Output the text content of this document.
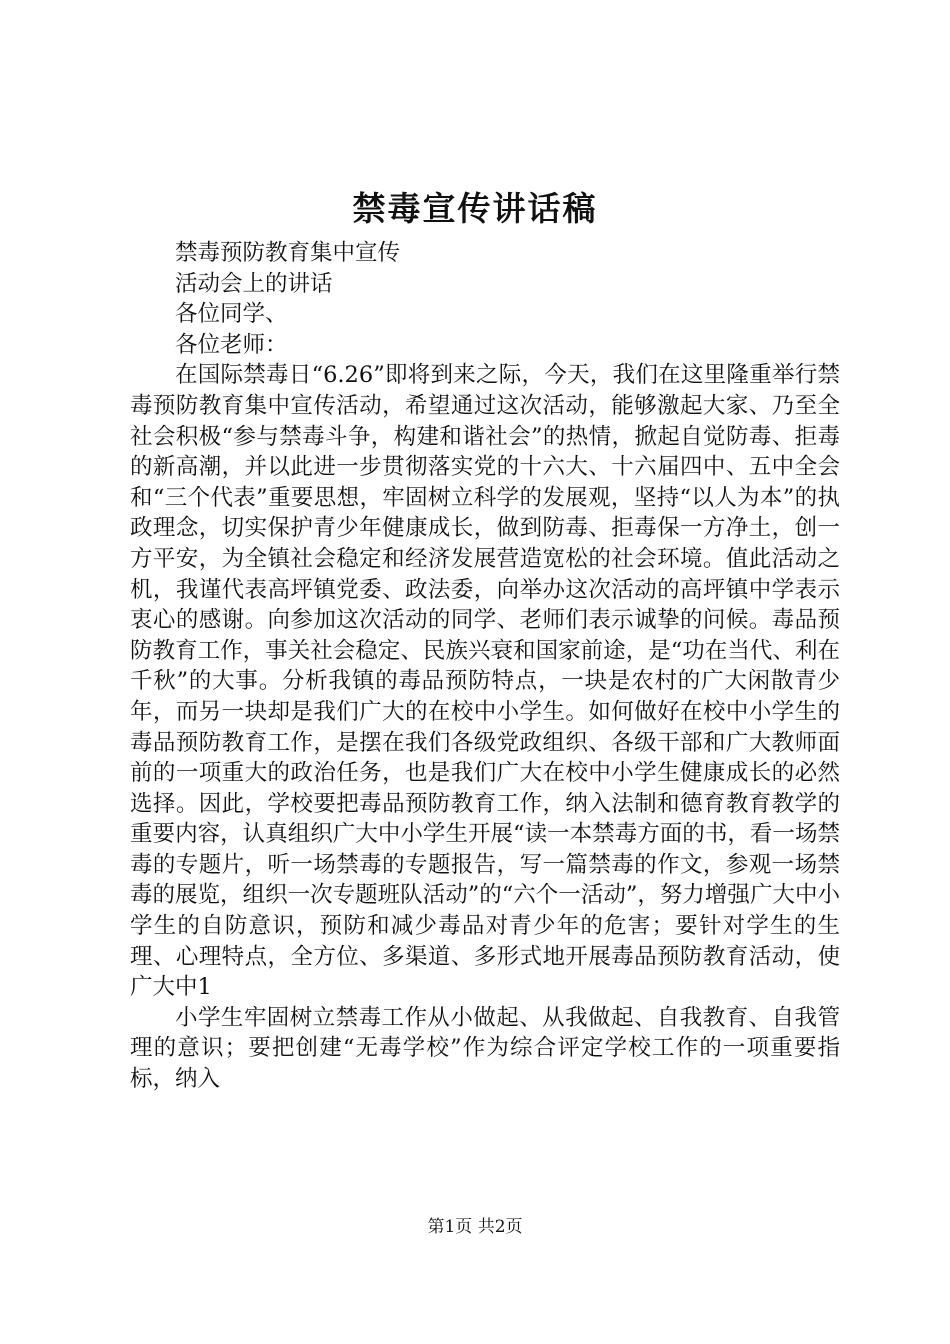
禁毒宣传讲话稿

禁毒预防教育集中宣传

活动会上的讲话

各位同学、

各位老师：

在国际禁毒日“6.26”即将到来之际，今天，我们在这里隆重举行禁毒预防教育集中宣传活动，希望通过这次活动，能够激起大家、乃至全社会积极“参与禁毒斗争，构建和谐社会”的热情，掀起自觉防毒、拒毒的新高潮，并以此进一步贯彻落实党的十六大、十六届四中、五中全会和“三个代表”重要思想，牢固树立科学的发展观，坚持“以人为本”的执政理念，切实保护青少年健康成长，做到防毒、拒毒保一方净土，创一方平安，为全镇社会稳定和经济发展营造宽松的社会环境。值此活动之机，我谨代表高坪镇党委、政法委，向举办这次活动的高坪镇中学表示衷心的感谢。向参加这次活动的同学、老师们表示诚挚的问候。毒品预防教育工作，事关社会稳定、民族兴衰和国家前途，是“功在当代、利在千秋”的大事。分析我镇的毒品预防特点，一块是农村的广大闲散青少年，而另一块却是我们广大的在校中小学生。如何做好在校中小学生的毒品预防教育工作，是摆在我们各级党政组织、各级干部和广大教师面前的一项重大的政治任务，也是我们广大在校中小学生健康成长的必然选择。因此，学校要把毒品预防教育工作，纳入法制和德育教育教学的重要内容，认真组织广大中小学生开展“读一本禁毒方面的书，看一场禁毒的专题片，听一场禁毒的专题报告，写一篇禁毒的作文，参观一场禁毒的展览，组织一次专题班队活动”的“六个一活动”，努力增强广大中小学生的自防意识，预防和减少毒品对青少年的危害；要针对学生的生理、心理特点，全方位、多渠道、多形式地开展毒品预防教育活动，使广大中1

小学生牢固树立禁毒工作从小做起、从我做起、自我教育、自我管理的意识；要把创建“无毒学校”作为综合评定学校工作的一项重要指标，纳入

第1页 共2页
